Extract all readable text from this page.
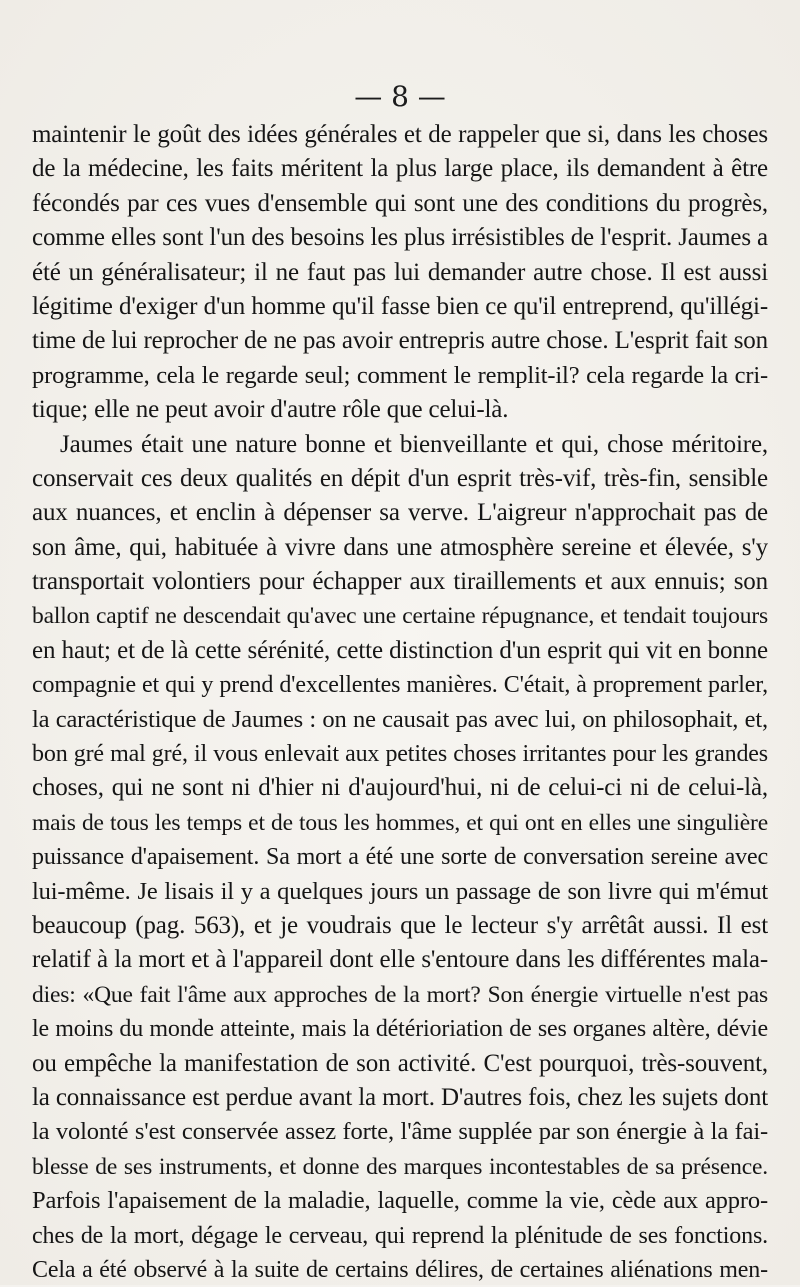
— 8 —
maintenir le goût des idées générales et de rappeler que si, dans les choses
de la médecine, les faits méritent la plus large place, ils demandent à être
fécondés par ces vues d'ensemble qui sont une des conditions du progrès,
comme elles sont l'un des besoins les plus irrésistibles de l'esprit. Jaumes a
été un généralisateur; il ne faut pas lui demander autre chose. Il est aussi
légitime d'exiger d'un homme qu'il fasse bien ce qu'il entreprend, qu'illégi-
time de lui reprocher de ne pas avoir entrepris autre chose. L'esprit fait son
programme, cela le regarde seul; comment le remplit-il? cela regarde la cri-
tique; elle ne peut avoir d'autre rôle que celui-là.
Jaumes était une nature bonne et bienveillante et qui, chose méritoire,
conservait ces deux qualités en dépit d'un esprit très-vif, très-fin, sensible
aux nuances, et enclin à dépenser sa verve. L'aigreur n'approchait pas de
son âme, qui, habituée à vivre dans une atmosphère sereine et élevée, s'y
transportait volontiers pour échapper aux tiraillements et aux ennuis; son
ballon captif ne descendait qu'avec une certaine répugnance, et tendait toujours
en haut; et de là cette sérénité, cette distinction d'un esprit qui vit en bonne
compagnie et qui y prend d'excellentes manières. C'était, à proprement parler,
la caractéristique de Jaumes : on ne causait pas avec lui, on philosophait, et,
bon gré mal gré, il vous enlevait aux petites choses irritantes pour les grandes
choses, qui ne sont ni d'hier ni d'aujourd'hui, ni de celui-ci ni de celui-là,
mais de tous les temps et de tous les hommes, et qui ont en elles une singulière
puissance d'apaisement. Sa mort a été une sorte de conversation sereine avec
lui-même. Je lisais il y a quelques jours un passage de son livre qui m'émut
beaucoup (pag. 563), et je voudrais que le lecteur s'y arrêtât aussi. Il est
relatif à la mort et à l'appareil dont elle s'entoure dans les différentes mala-
dies: «Que fait l'âme aux approches de la mort? Son énergie virtuelle n'est pas
le moins du monde atteinte, mais la détérioriation de ses organes altère, dévie
ou empêche la manifestation de son activité. C'est pourquoi, très-souvent,
la connaissance est perdue avant la mort. D'autres fois, chez les sujets dont
la volonté s'est conservée assez forte, l'âme supplée par son énergie à la fai-
blesse de ses instruments, et donne des marques incontestables de sa présence.
Parfois l'apaisement de la maladie, laquelle, comme la vie, cède aux appro-
ches de la mort, dégage le cerveau, qui reprend la plénitude de ses fonctions.
Cela a été observé à la suite de certains délires, de certaines aliénations men-
